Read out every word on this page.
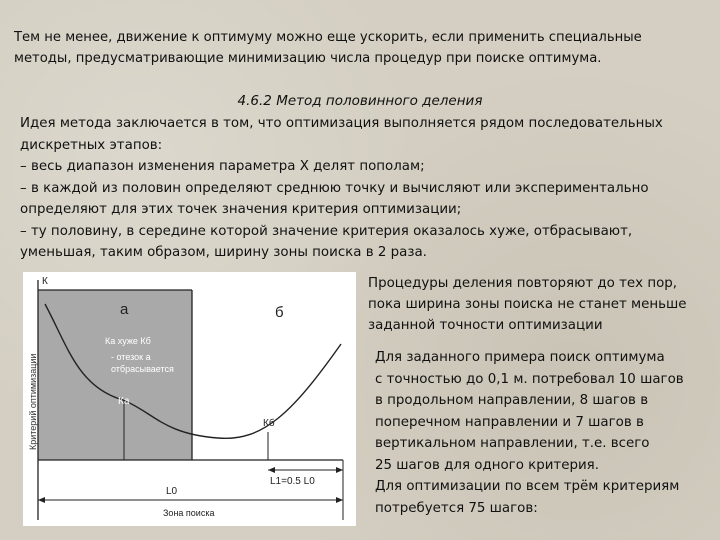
Тем не менее, движение к оптимуму можно еще ускорить, если применить специальные
методы, предусматривающие минимизацию числа процедур при поиске оптимума.
4.6.2 Метод половинного деления
Идея метода заключается в том, что оптимизация выполняется рядом последовательных
дискретных этапов:
– весь диапазон изменения параметра X делят пополам;
– в каждой из половин определяют среднюю точку и вычисляют или экспериментально
определяют для этих точек значения критерия оптимизации;
– ту половину, в середине которой значение критерия оказалось хуже, отбрасывают,
уменьшая, таким образом, ширину зоны поиска в 2 раза.
К
Критерий оптимизации
а	б
Ка хуже Кб
- отезок а
отбрасывается
Ка
Кб
L0
L1=0.5 L0
Зона поиска
Процедуры деления повторяют до тех пор,
пока ширина зоны поиска не станет меньше
заданной точности оптимизации
Для заданного примера поиск оптимума
с точностью до 0,1 м. потребовал 10 шагов
в продольном направлении, 8 шагов в
поперечном направлении и 7 шагов в
вертикальном направлении, т.е. всего
25 шагов для одного критерия.
Для оптимизации по всем трём критериям
потребуется 75 шагов:
